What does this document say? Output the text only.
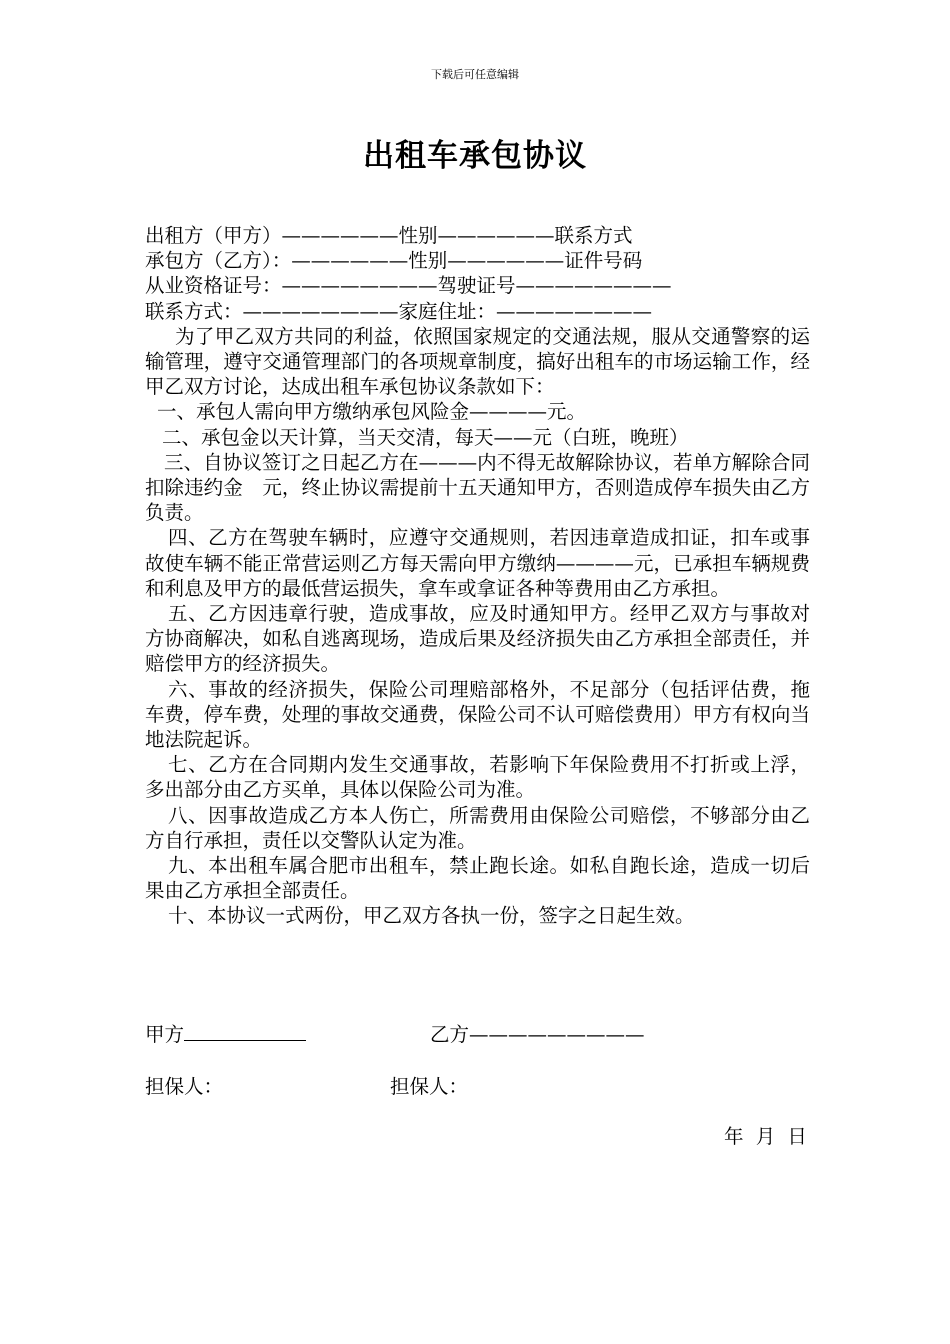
下载后可任意编辑
出租车承包协议
出租方（甲方）——————性别——————联系方式
承包方（乙方）：——————性别——————证件号码
从业资格证号：————————驾驶证号————————
联系方式：————————家庭住址：————————
为了甲乙双方共同的利益，依照国家规定的交通法规，服从交通警察的运输管理，遵守交通管理部门的各项规章制度，搞好出租车的市场运输工作，经甲乙双方讨论，达成出租车承包协议条款如下：
一、承包人需向甲方缴纳承包风险金————元。
二、承包金以天计算，当天交清，每天——元（白班，晚班）
三、自协议签订之日起乙方在———内不得无故解除协议，若单方解除合同扣除违约金　元，终止协议需提前十五天通知甲方，否则造成停车损失由乙方负责。
四、乙方在驾驶车辆时，应遵守交通规则，若因违章造成扣证，扣车或事故使车辆不能正常营运则乙方每天需向甲方缴纳————元，已承担车辆规费和利息及甲方的最低营运损失，拿车或拿证各种等费用由乙方承担。
五、乙方因违章行驶，造成事故，应及时通知甲方。经甲乙双方与事故对方协商解决，如私自逃离现场，造成后果及经济损失由乙方承担全部责任，并赔偿甲方的经济损失。
六、事故的经济损失，保险公司理赔部格外，不足部分（包括评估费，拖车费，停车费，处理的事故交通费，保险公司不认可赔偿费用）甲方有权向当地法院起诉。
七、乙方在合同期内发生交通事故，若影响下年保险费用不打折或上浮，多出部分由乙方买单，具体以保险公司为准。
八、因事故造成乙方本人伤亡，所需费用由保险公司赔偿，不够部分由乙方自行承担，责任以交警队认定为准。
九、本出租车属合肥市出租车，禁止跑长途。如私自跑长途，造成一切后果由乙方承担全部责任。
十、本协议一式两份，甲乙双方各执一份，签字之日起生效。
甲方	乙方—————————
担保人：	担保人：
年 月 日
